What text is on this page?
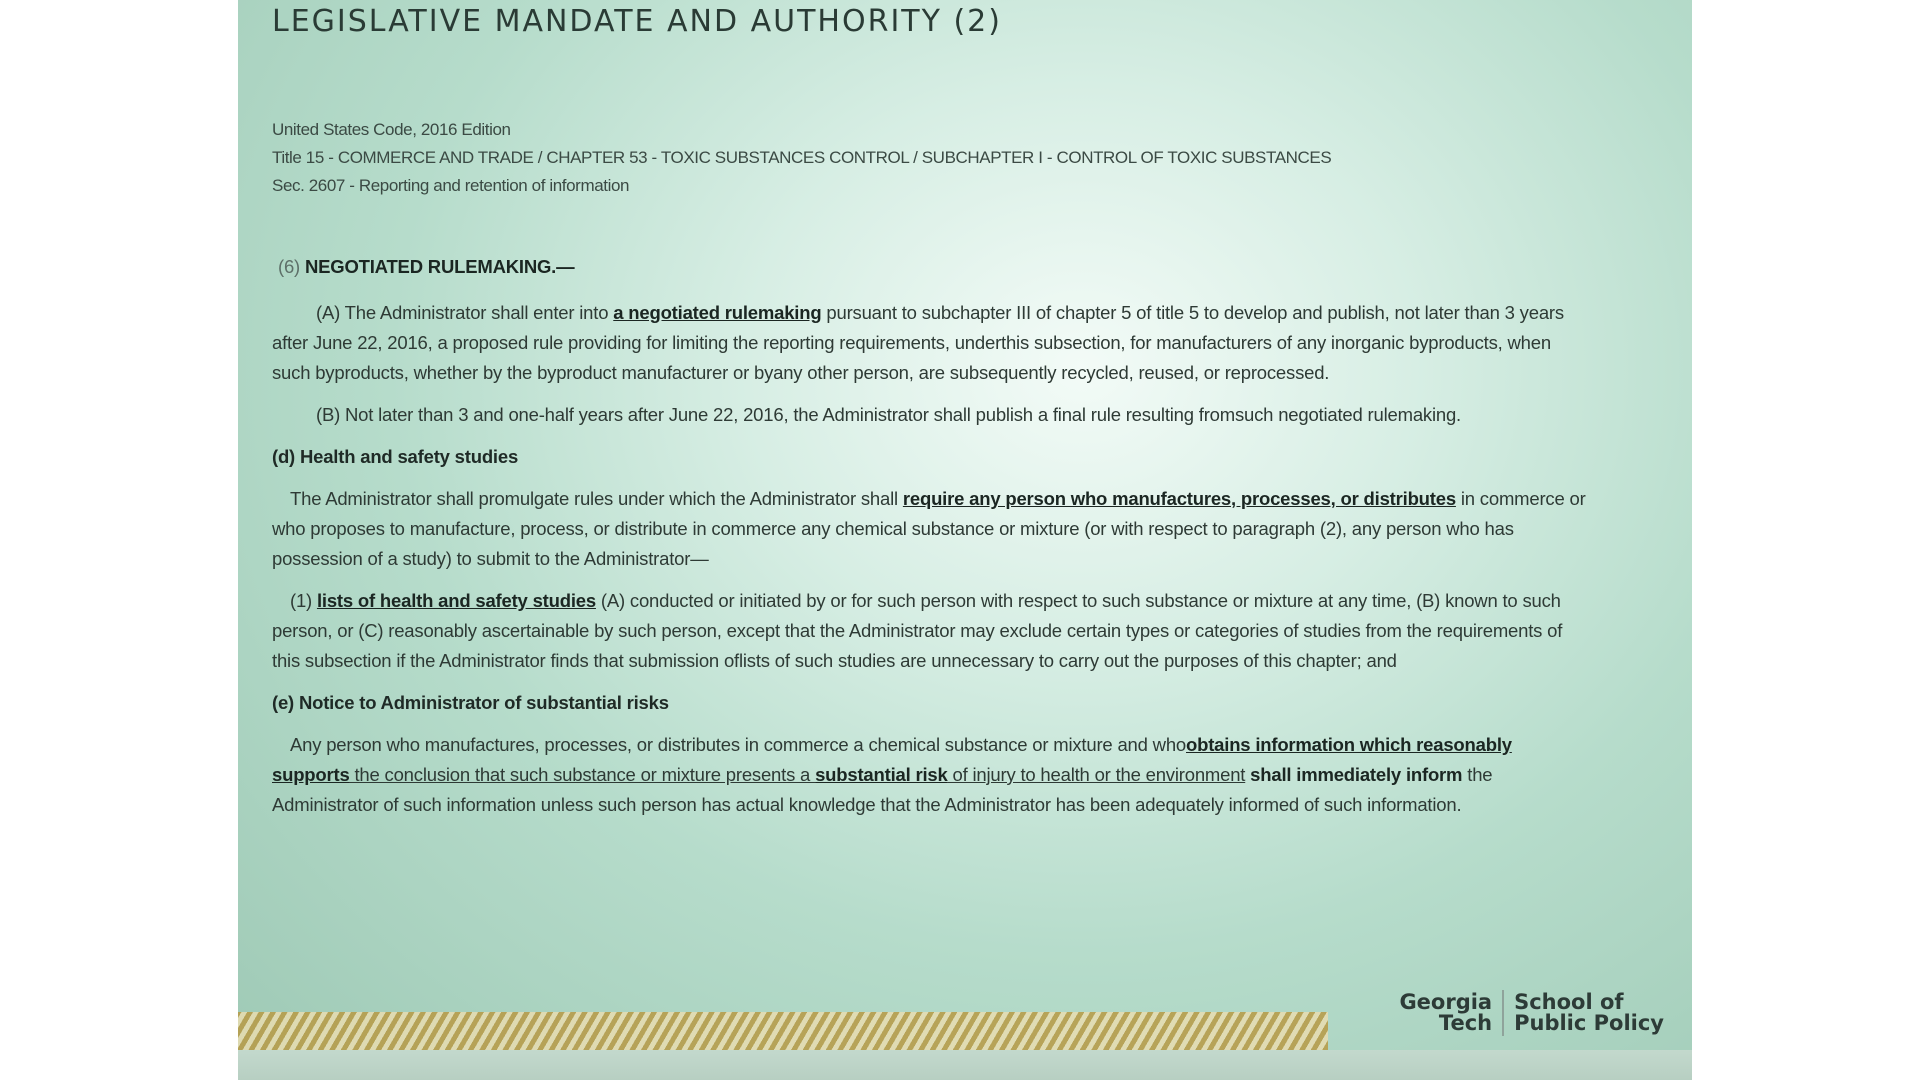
LEGISLATIVE MANDATE AND AUTHORITY (2)
United States Code, 2016 Edition
Title 15 - COMMERCE AND TRADE / CHAPTER 53 - TOXIC SUBSTANCES CONTROL / SUBCHAPTER I - CONTROL OF TOXIC SUBSTANCES
Sec. 2607 - Reporting and retention of information

(6) NEGOTIATED RULEMAKING.—

(A) The Administrator shall enter into a negotiated rulemaking pursuant to subchapter III of chapter 5 of title 5 to develop and publish, not later than 3 years after June 22, 2016, a proposed rule providing for limiting the reporting requirements, underthis subsection, for manufacturers of any inorganic byproducts, when such byproducts, whether by the byproduct manufacturer or byany other person, are subsequently recycled, reused, or reprocessed.

(B) Not later than 3 and one-half years after June 22, 2016, the Administrator shall publish a final rule resulting fromsuch negotiated rulemaking.

(d) Health and safety studies

The Administrator shall promulgate rules under which the Administrator shall require any person who manufactures, processes, or distributes in commerce or who proposes to manufacture, process, or distribute in commerce any chemical substance or mixture (or with respect to paragraph (2), any person who has possession of a study) to submit to the Administrator—

(1) lists of health and safety studies (A) conducted or initiated by or for such person with respect to such substance or mixture at any time, (B) known to such person, or (C) reasonably ascertainable by such person, except that the Administrator may exclude certain types or categories of studies from the requirements of this subsection if the Administrator finds that submission oflists of such studies are unnecessary to carry out the purposes of this chapter; and

(e) Notice to Administrator of substantial risks

Any person who manufactures, processes, or distributes in commerce a chemical substance or mixture and whoobtains information which reasonably supports the conclusion that such substance or mixture presents a substantial risk of injury to health or the environment shall immediately inform the Administrator of such information unless such person has actual knowledge that the Administrator has been adequately informed of such information.

Georgia
Tech
School of
Public Policy
